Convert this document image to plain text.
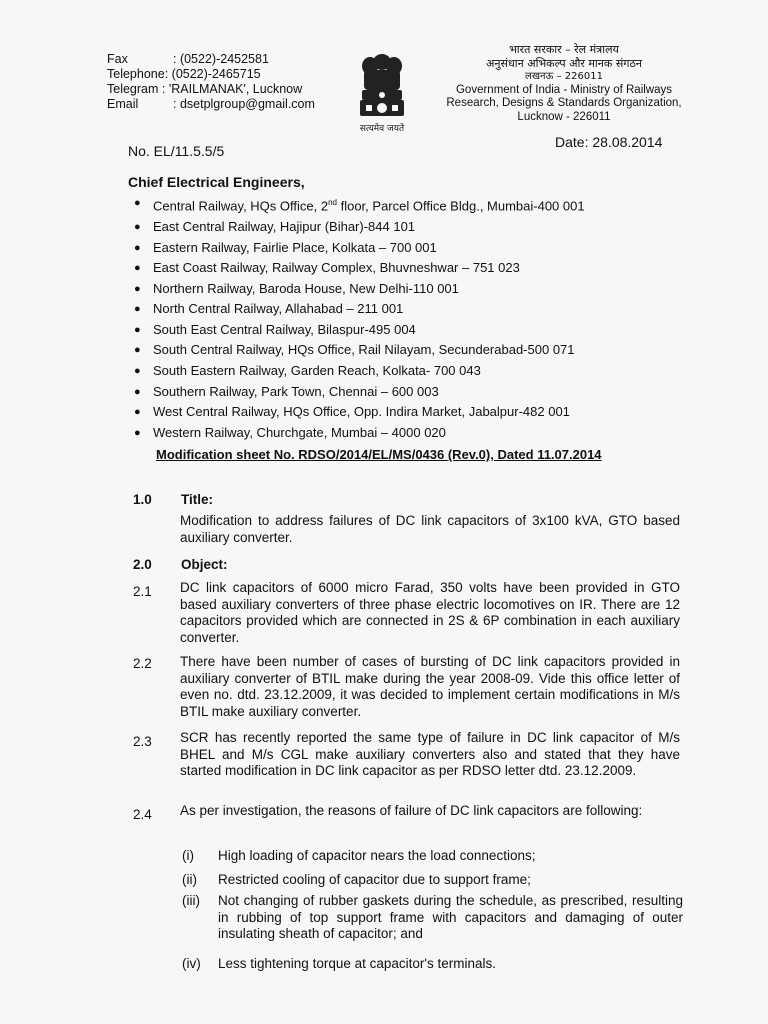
Fax	: (0522)-2452581
Telephone:
(0522)-2465715
Telegram :
'RAILMANAK', Lucknow
Email	: dsetplgroup@gmail.com
सत्यमेव जयते
भारत सरकार – रेल मंत्रालय
अनुसंधान अभिकल्प और मानक संगठन
लखनऊ – 226011
Government of India - Ministry of Railways
Research, Designs & Standards Organization,
Lucknow - 226011
No. EL/11.5.5/5
Date: 28.08.2014
Chief Electrical Engineers,
● Central Railway, HQs Office, 2nd floor, Parcel Office Bldg., Mumbai-400 001
● East Central Railway, Hajipur (Bihar)-844 101
● Eastern Railway, Fairlie Place, Kolkata – 700 001
● East Coast Railway, Railway Complex, Bhuvneshwar – 751 023
● Northern Railway, Baroda House, New Delhi-110 001
● North Central Railway, Allahabad – 211 001
● South East Central Railway, Bilaspur-495 004
● South Central Railway, HQs Office, Rail Nilayam, Secunderabad-500 071
● South Eastern Railway, Garden Reach, Kolkata- 700 043
● Southern Railway, Park Town, Chennai – 600 003
● West Central Railway, HQs Office, Opp. Indira Market, Jabalpur-482 001
● Western Railway, Churchgate, Mumbai – 4000 020
Modification sheet No. RDSO/2014/EL/MS/0436 (Rev.0), Dated 11.07.2014
1.0 Title:
Modification to address failures of DC link capacitors of 3x100 kVA, GTO based auxiliary converter.
2.0 Object:
2.1 DC link capacitors of 6000 micro Farad, 350 volts have been provided in GTO based auxiliary converters of three phase electric locomotives on IR. There are 12 capacitors provided which are connected in 2S & 6P combination in each auxiliary converter.
2.2 There have been number of cases of bursting of DC link capacitors provided in auxiliary converter of BTIL make during the year 2008-09. Vide this office letter of even no. dtd. 23.12.2009, it was decided to implement certain modifications in M/s BTIL make auxiliary converter.
2.3 SCR has recently reported the same type of failure in DC link capacitor of M/s BHEL and M/s CGL make auxiliary converters also and stated that they have started modification in DC link capacitor as per RDSO letter dtd. 23.12.2009.
2.4 As per investigation, the reasons of failure of DC link capacitors are following:
(i) High loading of capacitor nears the load connections;
(ii) Restricted cooling of capacitor due to support frame;
(iii) Not changing of rubber gaskets during the schedule, as prescribed, resulting in rubbing of top support frame with capacitors and damaging of outer insulating sheath of capacitor; and
(iv) Less tightening torque at capacitor's terminals.
